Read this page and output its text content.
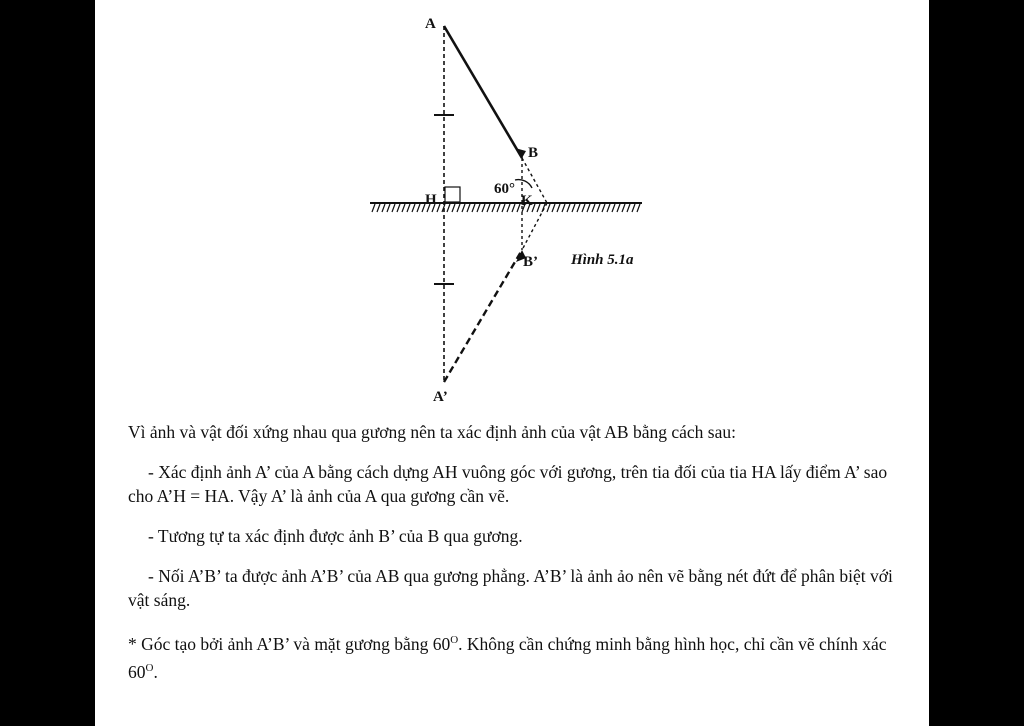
A
B
H	K
60°
B’
A’
Hình 5.1a

Vì ảnh và vật đối xứng nhau qua gương nên ta xác định ảnh của vật AB bằng cách sau:

- Xác định ảnh A’ của A bằng cách dựng AH vuông góc với gương, trên tia đối của tia HA lấy điểm A’ sao cho A’H = HA. Vậy A’ là ảnh của A qua gương cần vẽ.

- Tương tự ta xác định được ảnh B’ của B qua gương.

- Nối A’B’ ta được ảnh A’B’ của AB qua gương phẳng. A’B’ là ảnh ảo nên vẽ bằng nét đứt để phân biệt với vật sáng.

* Góc tạo bởi ảnh A’B’ và mặt gương bằng $60^O$. Không cần chứng minh bằng hình học, chỉ cần vẽ chính xác $60^O$.
